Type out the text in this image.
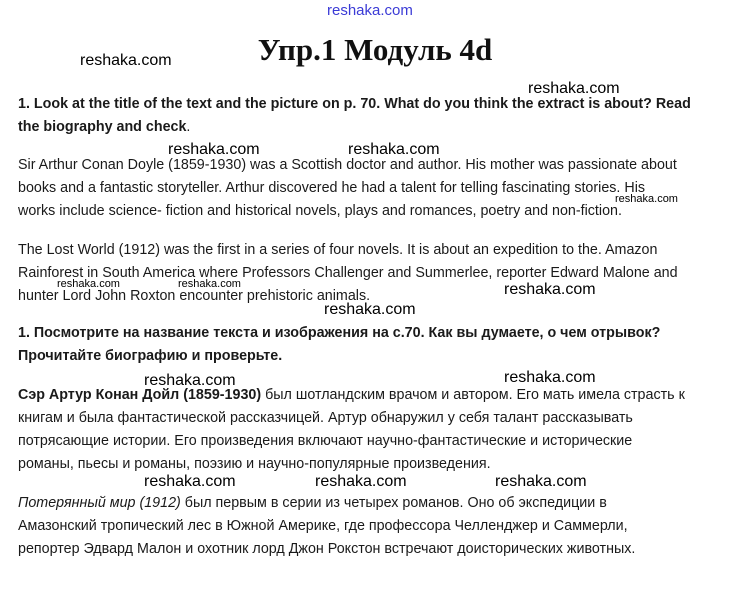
reshaka.com
reshaka.com
reshaka.com
reshaka.com	reshaka.com
reshaka.com
reshaka.com	reshaka.com	reshaka.com
reshaka.com
reshaka.com	reshaka.com
reshaka.com	reshaka.com	reshaka.com
Упр.1 Модуль 4d
1. Look at the title of the text and the picture on p. 70. What do you think the extract is about? Read
the biography and check.
Sir Arthur Conan Doyle (1859-1930) was a Scottish doctor and author. His mother was passionate about
books and a fantastic storyteller. Arthur discovered he had a talent for telling fascinating stories. His
works include science- fiction and historical novels, plays and romances, poetry and non-fiction.
The Lost World (1912) was the first in a series of four novels. It is about an expedition to the. Amazon
Rainforest in South America where Professors Challenger and Summerlee, reporter Edward Malone and
hunter Lord John Roxton encounter prehistoric animals.
1. Посмотрите на название текста и изображения на с.70. Как вы думаете, о чем отрывок?
Прочитайте биографию и проверьте.
Сэр Артур Конан Дойл (1859-1930) был шотландским врачом и автором. Его мать имела страсть к
книгам и была фантастической рассказчицей. Артур обнаружил у себя талант рассказывать
потрясающие истории. Его произведения включают научно-фантастические и исторические
романы, пьесы и романы, поэзию и научно-популярные произведения.
Потерянный мир (1912) был первым в серии из четырех романов. Оно об экспедиции в
Амазонский тропический лес в Южной Америке, где профессора Челленджер и Саммерли,
репортер Эдвард Малон и охотник лорд Джон Рокстон встречают доисторических животных.
